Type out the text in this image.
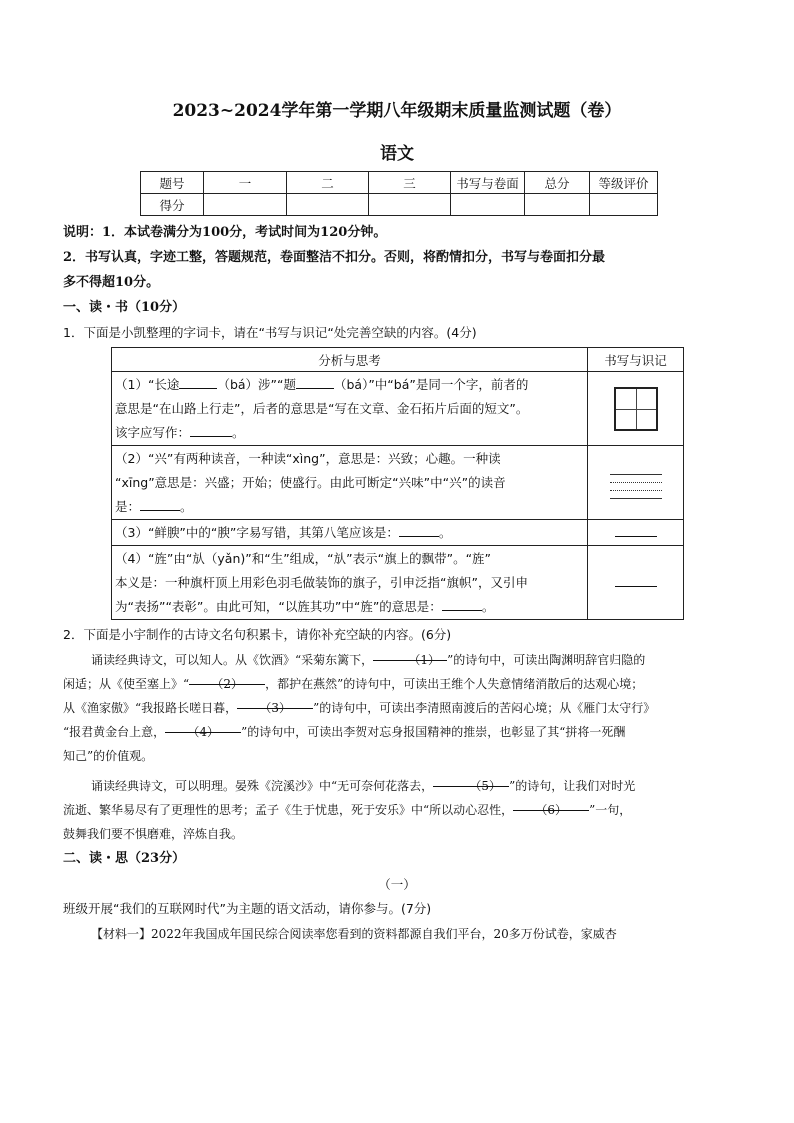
2023~2024学年第一学期八年级期末质量监测试题（卷）
语文
题号	一	二	三	书写与卷面	总分	等级评价
得分						
说明：1．本试卷满分为100分，考试时间为120分钟。
2．书写认真，字迹工整，答题规范，卷面整洁不扣分。否则，将酌情扣分，书写与卷面扣分最
多不得超10分。
一、读・书（10分）
1．下面是小凯整理的字词卡，请在“书写与识记“处完善空缺的内容。(4分)
分析与思考	书写与识记

（1）“长途 （bá）涉”“题 （bá）”中“bá”是同一个字，前者的
意思是“在山路上行走”，后者的意思是“写在文章、金石拓片后面的短文”。
该字应写作： 。	

（2）“兴”有两种读音，一种读“xìng”，意思是：兴致；心趣。一种读
“xīng”意思是：兴盛；开始；使盛行。由此可断定“兴味”中“兴”的读音
是： 。	

（3）“鲜腴”中的“腴”字易写错，其第八笔应该是： 。	

（4）“旌”由“㫃（yǎn)”和“生”组成，“㫃”表示“旗上的飘带”。“旌”
本义是：一种旗杆顶上用彩色羽毛做装饰的旗子，引申泛指“旗帜”，又引申
为“表扬”“表彰”。由此可知，“以旌其功”中“旌”的意思是： 。	

2．下面是小宇制作的古诗文名句积累卡，请你补充空缺的内容。(6分)
诵读经典诗文，可以知人。从《饮酒》“采菊东篱下，	（1） ”的诗句中，可读出陶渊明辞官归隐的
闲适；从《使至塞上》“ （2） ，都护在燕然”的诗句中，可读出王维个人失意情绪消散后的达观心境；
从《渔家傲》“我报路长嗟日暮， （3） ”的诗句中，可读出李清照南渡后的苦闷心境；从《雁门太守行》
“报君黄金台上意， （4） ”的诗句中，可读出李贺对忘身报国精神的推崇，也彰显了其“拼将一死酬
知己”的价值观。
诵读经典诗文，可以明理。晏殊《浣溪沙》中“无可奈何花落去，	（5） ”的诗句，让我们对时光
流逝、繁华易尽有了更理性的思考；孟子《生于忧患，死于安乐》中“所以动心忍性， （6） ”一句，
鼓舞我们要不惧磨难，淬炼自我。
二、读・思（23分）
（一）
班级开展“我们的互联网时代”为主题的语文活动，请你参与。(7分)
【材料一】2022年我国成年国民综合阅读率您看到的资料都源自我们平台，20多万份试卷，家威杏
